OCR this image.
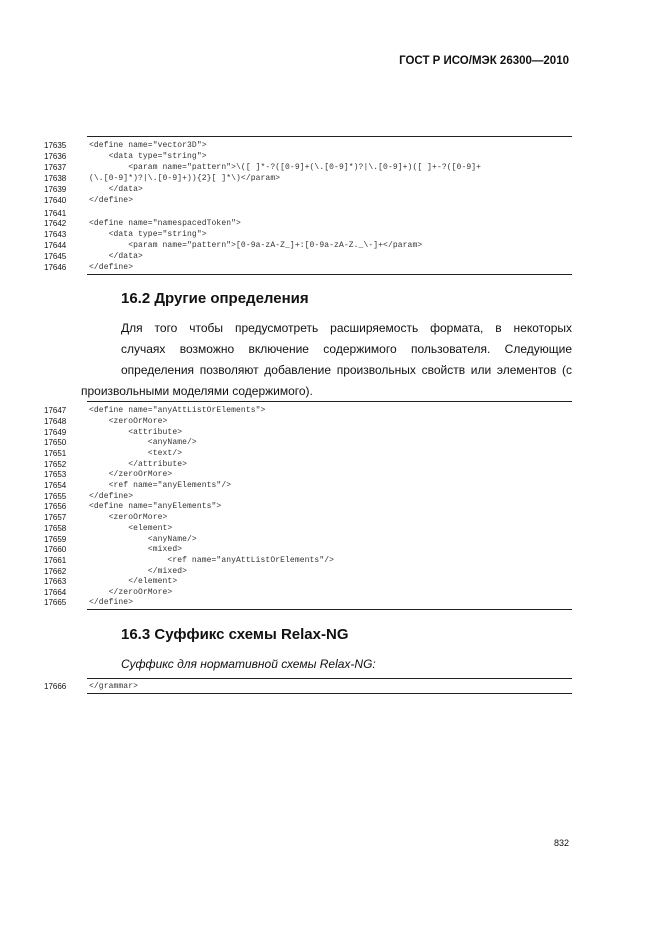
ГОСТ Р ИСО/МЭК 26300—2010
17635	<define name="vector3D">
17636	<data type="string">
17637	<param name="pattern">\([ ]*-?([0-9]+(\.[0-9]*)?|\.[0-9]+)([ ]+-?([0-9]+
17638	(\.[0-9]*)?|\.[0-9]+)){2}[ ]*\)</param>
17639	</data>
17640	</define>
17641
17642	<define name="namespacedToken">
17643	<data type="string">
17644	<param name="pattern">[0-9a-zA-Z_]+:[0-9a-zA-Z._\-]+</param>
17645	</data>
17646	</define>
16.2 Другие определения
Для того чтобы предусмотреть расширяемость формата, в некоторых
случаях возможно включение содержимого пользователя. Следующие
определения позволяют добавление произвольных свойств или элементов (с
произвольными моделями содержимого).
17647	<define name="anyAttListOrElements">
17648	<zeroOrMore>
17649	<attribute>
17650	<anyName/>
17651	<text/>
17652	</attribute>
17653	</zeroOrMore>
17654	<ref name="anyElements"/>
17655	</define>
17656	<define name="anyElements">
17657	<zeroOrMore>
17658	<element>
17659	<anyName/>
17660	<mixed>
17661	<ref name="anyAttListOrElements"/>
17662	</mixed>
17663	</element>
17664	</zeroOrMore>
17665	</define>
16.3 Суффикс схемы Relax-NG
Суффикс для нормативной схемы Relax-NG:
17666	</grammar>
832
